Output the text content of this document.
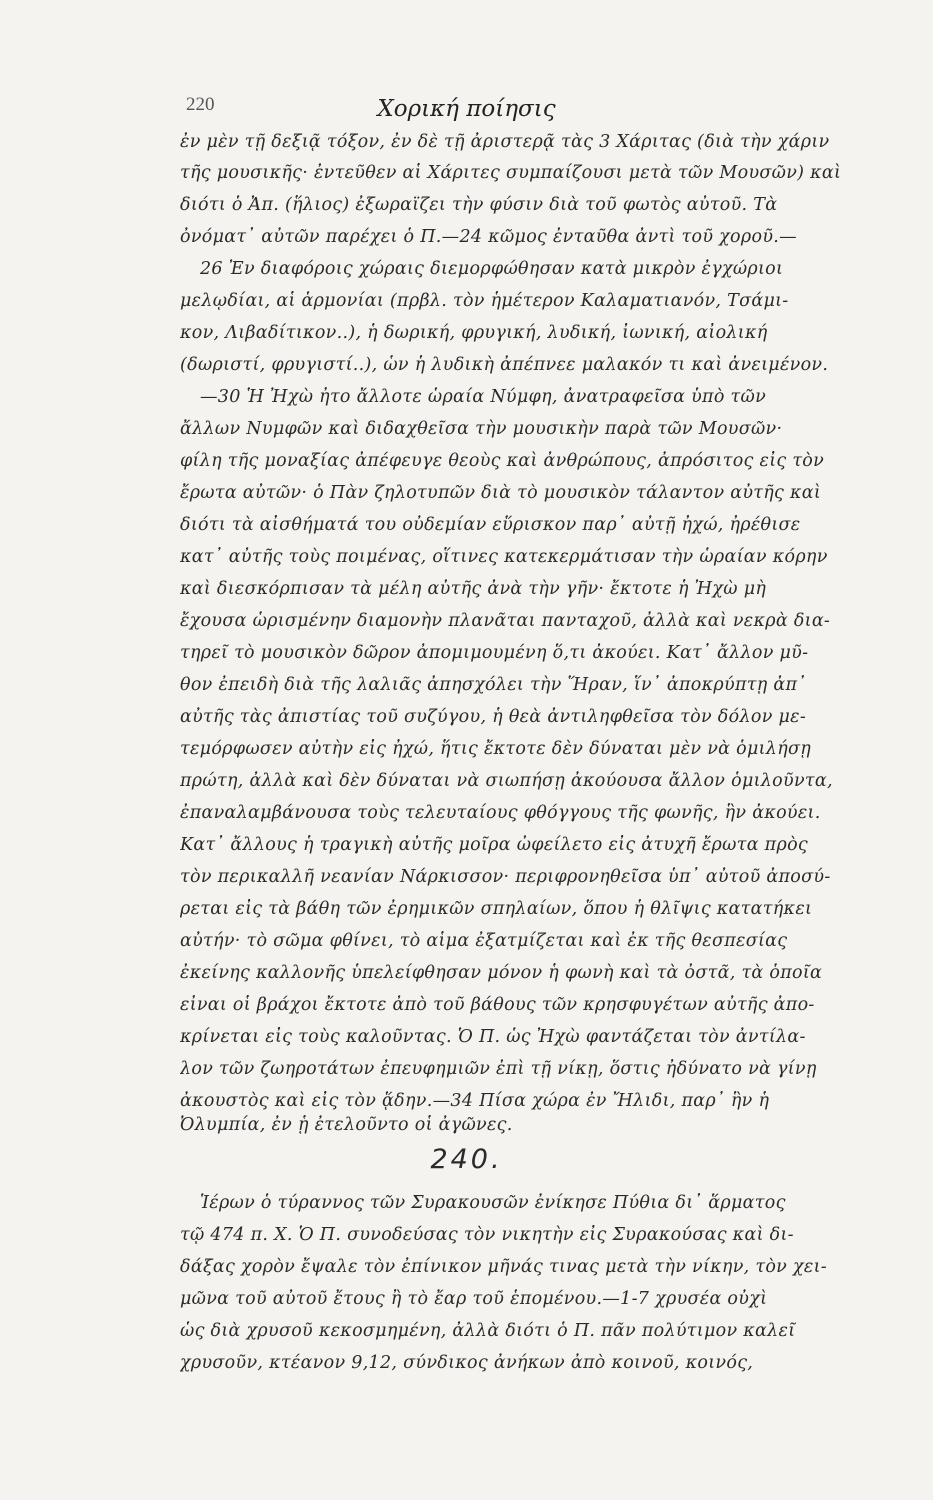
220	Χορική ποίησις
ἐν μὲν τῇ δεξιᾷ τόξον, ἐν δὲ τῇ ἀριστερᾷ τὰς 3 Χάριτας (διὰ τὴν χάριν
τῆς μουσικῆς· ἐντεῦθεν αἱ Χάριτες συμπαίζουσι μετὰ τῶν Μουσῶν) καὶ
διότι ὁ Ἀπ. (ἥλιος) ἐξωραΐζει τὴν φύσιν διὰ τοῦ φωτὸς αὐτοῦ. Τὰ
ὀνόματ᾽ αὐτῶν παρέχει ὁ Π.—24 κῶμος ἐνταῦθα ἀντὶ τοῦ χοροῦ.—
26 Ἐν διαφόροις χώραις διεμορφώθησαν κατὰ μικρὸν ἐγχώριοι
μελῳδίαι, αἱ ἁρμονίαι (πρβλ. τὸν ἡμέτερον Καλαματιανόν, Τσάμι-
κον, Λιβαδίτικον..), ἡ δωρική, φρυγική, λυδική, ἰωνική, αἰολική
(δωριστί, φρυγιστί..), ὧν ἡ λυδικὴ ἀπέπνεε μαλακόν τι καὶ ἀνειμένον.
—30 Ἡ Ἠχὼ ἦτο ἄλλοτε ὡραία Νύμφη, ἀνατραφεῖσα ὑπὸ τῶν
ἄλλων Νυμφῶν καὶ διδαχθεῖσα τὴν μουσικὴν παρὰ τῶν Μουσῶν·
φίλη τῆς μοναξίας ἀπέφευγε θεοὺς καὶ ἀνθρώπους, ἀπρόσιτος εἰς τὸν
ἔρωτα αὐτῶν· ὁ Πὰν ζηλοτυπῶν διὰ τὸ μουσικὸν τάλαντον αὐτῆς καὶ
διότι τὰ αἰσθήματά του οὐδεμίαν εὕρισκον παρ᾽ αὐτῇ ἠχώ, ἠρέθισε
κατ᾽ αὐτῆς τοὺς ποιμένας, οἵτινες κατεκερμάτισαν τὴν ὡραίαν κόρην
καὶ διεσκόρπισαν τὰ μέλη αὐτῆς ἀνὰ τὴν γῆν· ἔκτοτε ἡ Ἠχὼ μὴ
ἔχουσα ὡρισμένην διαμονὴν πλανᾶται πανταχοῦ, ἀλλὰ καὶ νεκρὰ δια-
τηρεῖ τὸ μουσικὸν δῶρον ἀπομιμουμένη ὅ,τι ἀκούει. Κατ᾽ ἄλλον μῦ-
θον ἐπειδὴ διὰ τῆς λαλιᾶς ἀπησχόλει τὴν Ἥραν, ἵν᾽ ἀποκρύπτῃ ἀπ᾽
αὐτῆς τὰς ἀπιστίας τοῦ συζύγου, ἡ θεὰ ἀντιληφθεῖσα τὸν δόλον με-
τεμόρφωσεν αὐτὴν εἰς ἠχώ, ἥτις ἔκτοτε δὲν δύναται μὲν νὰ ὁμιλήσῃ
πρώτη, ἀλλὰ καὶ δὲν δύναται νὰ σιωπήσῃ ἀκούουσα ἄλλον ὁμιλοῦντα,
ἐπαναλαμβάνουσα τοὺς τελευταίους φθόγγους τῆς φωνῆς, ἣν ἀκούει.
Κατ᾽ ἄλλους ἡ τραγικὴ αὐτῆς μοῖρα ὠφείλετο εἰς ἀτυχῆ ἔρωτα πρὸς
τὸν περικαλλῆ νεανίαν Νάρκισσον· περιφρονηθεῖσα ὑπ᾽ αὐτοῦ ἀποσύ-
ρεται εἰς τὰ βάθη τῶν ἐρημικῶν σπηλαίων, ὅπου ἡ θλῖψις κατατήκει
αὐτήν· τὸ σῶμα φθίνει, τὸ αἷμα ἐξατμίζεται καὶ ἐκ τῆς θεσπεσίας
ἐκείνης καλλονῆς ὑπελείφθησαν μόνον ἡ φωνὴ καὶ τὰ ὀστᾶ, τὰ ὁποῖα
εἶναι οἱ βράχοι ἔκτοτε ἀπὸ τοῦ βάθους τῶν κρησφυγέτων αὐτῆς ἀπο-
κρίνεται εἰς τοὺς καλοῦντας. Ὁ Π. ὡς Ἠχὼ φαντάζεται τὸν ἀντίλα-
λον τῶν ζωηροτάτων ἐπευφημιῶν ἐπὶ τῇ νίκῃ, ὅστις ἠδύνατο νὰ γίνῃ
ἀκουστὸς καὶ εἰς τὸν ᾅδην.—34 Πίσα χώρα ἐν Ἤλιδι, παρ᾽ ἣν ἡ
Ὀλυμπία, ἐν ᾗ ἐτελοῦντο οἱ ἀγῶνες.
240.
Ἱέρων ὁ τύραννος τῶν Συρακουσῶν ἐνίκησε Πύθια δι᾽ ἅρματος
τῷ 474 π. Χ. Ὁ Π. συνοδεύσας τὸν νικητὴν εἰς Συρακούσας καὶ δι-
δάξας χορὸν ἔψαλε τὸν ἐπίνικον μῆνάς τινας μετὰ τὴν νίκην, τὸν χει-
μῶνα τοῦ αὐτοῦ ἔτους ἢ τὸ ἔαρ τοῦ ἑπομένου.—1-7 χρυσέα οὐχὶ
ὡς διὰ χρυσοῦ κεκοσμημένη, ἀλλὰ διότι ὁ Π. πᾶν πολύτιμον καλεῖ
χρυσοῦν, κτέανον 9,12, σύνδικος ἀνήκων ἀπὸ κοινοῦ, κοινός,
